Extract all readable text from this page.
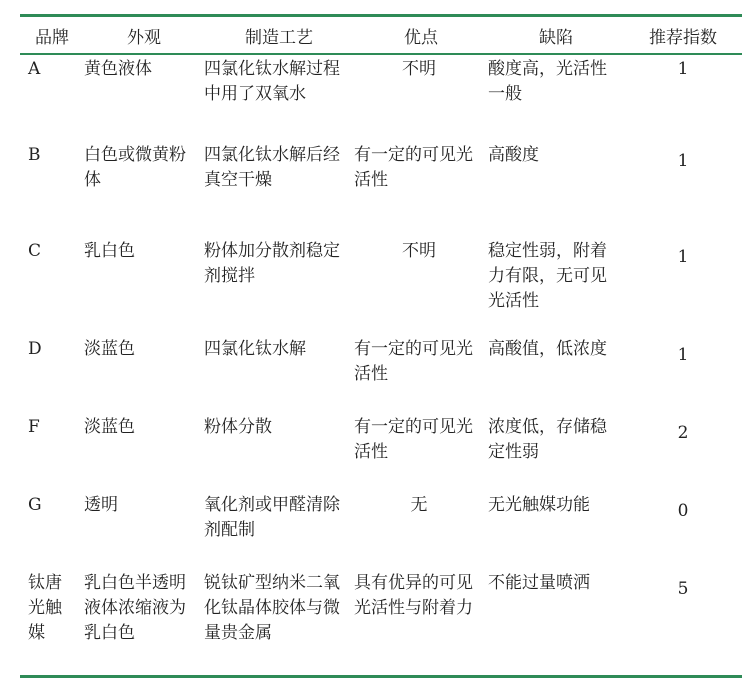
品牌	外观	制造工艺	优点	缺陷	推荐指数
A	黄色液体	四氯化钛水解过程中用了双氧水	不明	酸度高，光活性一般	1
B	白色或微黄粉体	四氯化钛水解后经真空干燥	有一定的可见光活性	高酸度	1
C	乳白色	粉体加分散剂稳定剂搅拌	不明	稳定性弱，附着力有限，无可见光活性	1
D	淡蓝色	四氯化钛水解	有一定的可见光活性	高酸值，低浓度	1
F	淡蓝色	粉体分散	有一定的可见光活性	浓度低，存储稳定性弱	2
G	透明	氧化剂或甲醛清除剂配制	无	无光触媒功能	0
钛唐光触媒	乳白色半透明液体浓缩液为乳白色	锐钛矿型纳米二氧化钛晶体胶体与微量贵金属	具有优异的可见光活性与附着力	不能过量喷洒	5
